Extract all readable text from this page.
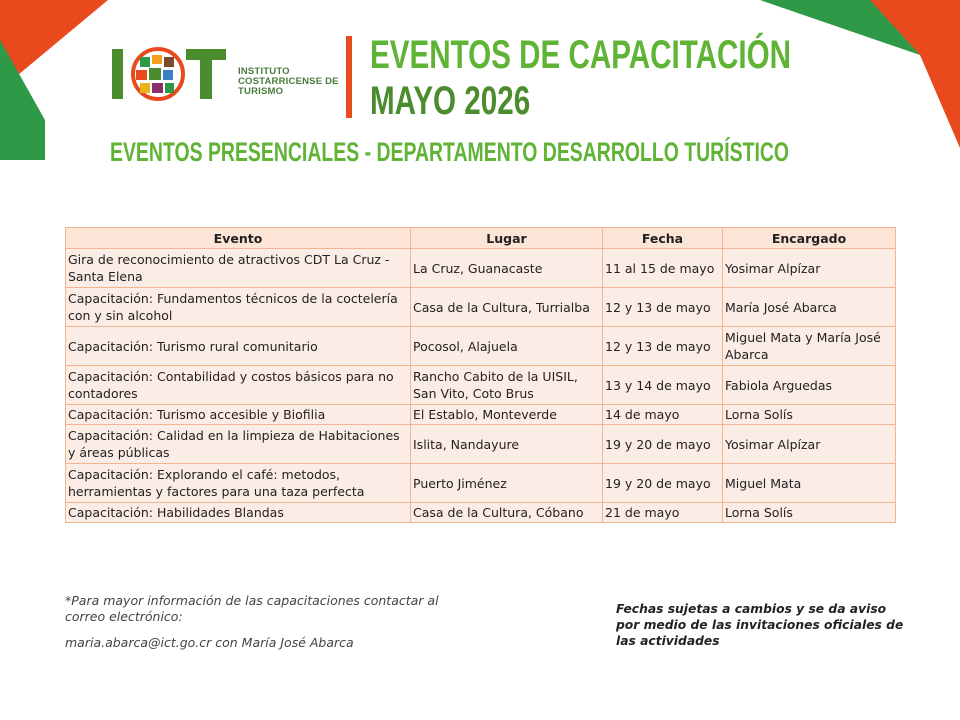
INSTITUTO
COSTARRICENSE DE
TURISMO
EVENTOS DE CAPACITACIÓN
MAYO 2026
EVENTOS PRESENCIALES - DEPARTAMENTO DESARROLLO TURÍSTICO
Evento	Lugar	Fecha	Encargado
Gira de reconocimiento de atractivos CDT La Cruz - Santa Elena	La Cruz, Guanacaste	11 al 15 de mayo	Yosimar Alpízar
Capacitación: Fundamentos técnicos de la coctelería con y sin alcohol	Casa de la Cultura, Turrialba	12 y 13 de mayo	María José Abarca
Capacitación: Turismo rural comunitario	Pocosol, Alajuela	12 y 13 de mayo	Miguel Mata y María José Abarca
Capacitación: Contabilidad y costos básicos para no contadores	Rancho Cabito de la UISIL, San Vito, Coto Brus	13 y 14 de mayo	Fabiola Arguedas
Capacitación: Turismo accesible y Biofilia	El Establo, Monteverde	14 de mayo	Lorna Solís
Capacitación: Calidad en la limpieza de Habitaciones y áreas públicas	Islita, Nandayure	19 y 20 de mayo	Yosimar Alpízar
Capacitación: Explorando el café: metodos, herramientas y factores para una taza perfecta	Puerto Jiménez	19 y 20 de mayo	Miguel Mata
Capacitación: Habilidades Blandas	Casa de la Cultura, Cóbano	21 de mayo	Lorna Solís
*Para mayor información de las capacitaciones contactar al correo electrónico:
maria.abarca@ict.go.cr con María José Abarca
Fechas sujetas a cambios y se da aviso por medio de las invitaciones oficiales de las actividades
